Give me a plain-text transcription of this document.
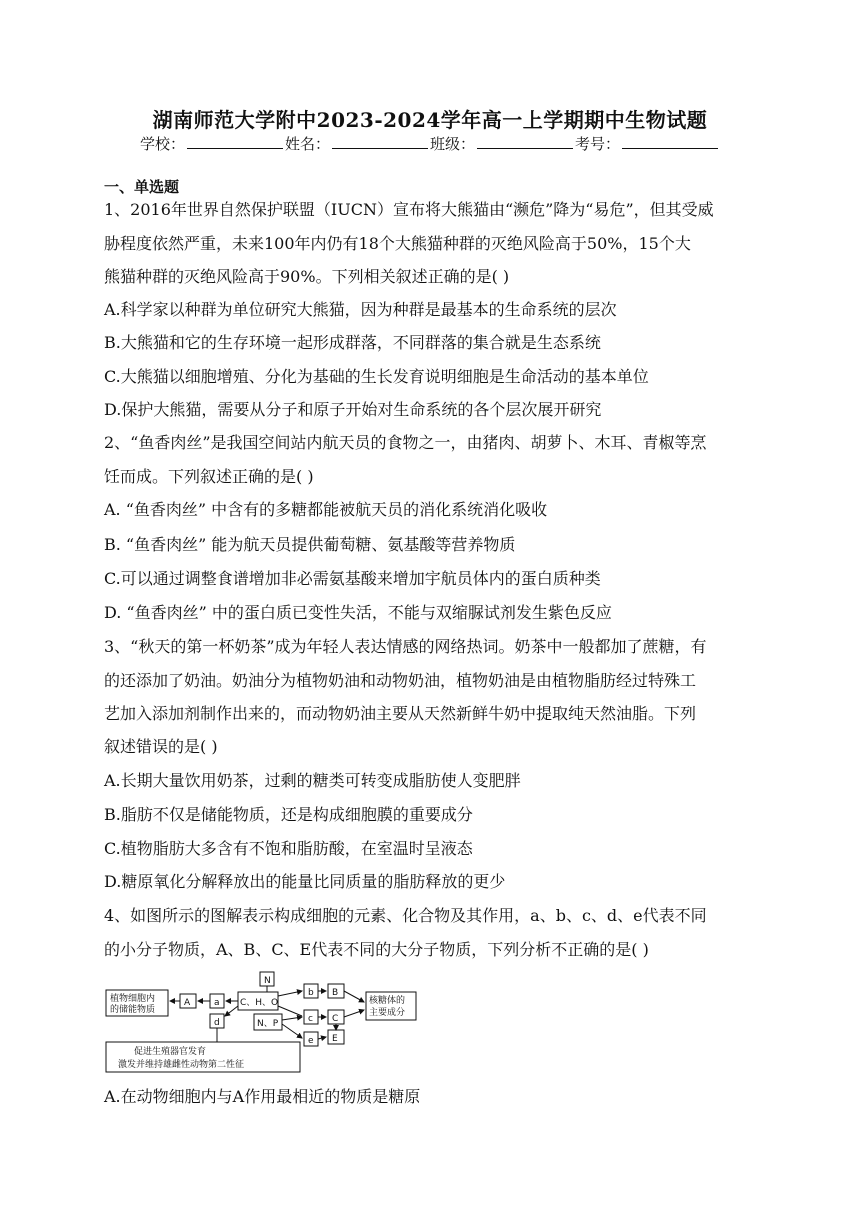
湖南师范大学附中2023-2024学年高一上学期期中生物试题
学校：	姓名：	班级：	考号：
一、单选题
1、2016年世界自然保护联盟（IUCN）宣布将大熊猫由“濒危”降为“易危”，但其受威
胁程度依然严重，未来100年内仍有18个大熊猫种群的灭绝风险高于50%，15个大
熊猫种群的灭绝风险高于90%。下列相关叙述正确的是( )
A.科学家以种群为单位研究大熊猫，因为种群是最基本的生命系统的层次
B.大熊猫和它的生存环境一起形成群落，不同群落的集合就是生态系统
C.大熊猫以细胞增殖、分化为基础的生长发育说明细胞是生命活动的基本单位
D.保护大熊猫，需要从分子和原子开始对生命系统的各个层次展开研究
2、“鱼香肉丝”是我国空间站内航天员的食物之一，由猪肉、胡萝卜、木耳、青椒等烹
饪而成。下列叙述正确的是( )
A. “鱼香肉丝” 中含有的多糖都能被航天员的消化系统消化吸收
B. “鱼香肉丝” 能为航天员提供葡萄糖、氨基酸等营养物质
C.可以通过调整食谱增加非必需氨基酸来增加宇航员体内的蛋白质种类
D. “鱼香肉丝” 中的蛋白质已变性失活，不能与双缩脲试剂发生紫色反应
3、“秋天的第一杯奶茶”成为年轻人表达情感的网络热词。奶茶中一般都加了蔗糖，有
的还添加了奶油。奶油分为植物奶油和动物奶油，植物奶油是由植物脂肪经过特殊工
艺加入添加剂制作出来的，而动物奶油主要从天然新鲜牛奶中提取纯天然油脂。下列
叙述错误的是( )
A.长期大量饮用奶茶，过剩的糖类可转变成脂肪使人变肥胖
B.脂肪不仅是储能物质，还是构成细胞膜的重要成分
C.植物脂肪大多含有不饱和脂肪酸，在室温时呈液态
D.糖原氧化分解释放出的能量比同质量的脂肪释放的更少
4、如图所示的图解表示构成细胞的元素、化合物及其作用，a、b、c、d、e代表不同
的小分子物质，A、B、C、E代表不同的大分子物质，下列分析不正确的是( )
植物细胞内
的储能物质
A	a C、H、O
N
N、P
d
b B
c C
e E
核糖体的
主要成分
促进生殖器官发育
激发并维持雄雌性动物第二性征
A.在动物细胞内与A作用最相近的物质是糖原
